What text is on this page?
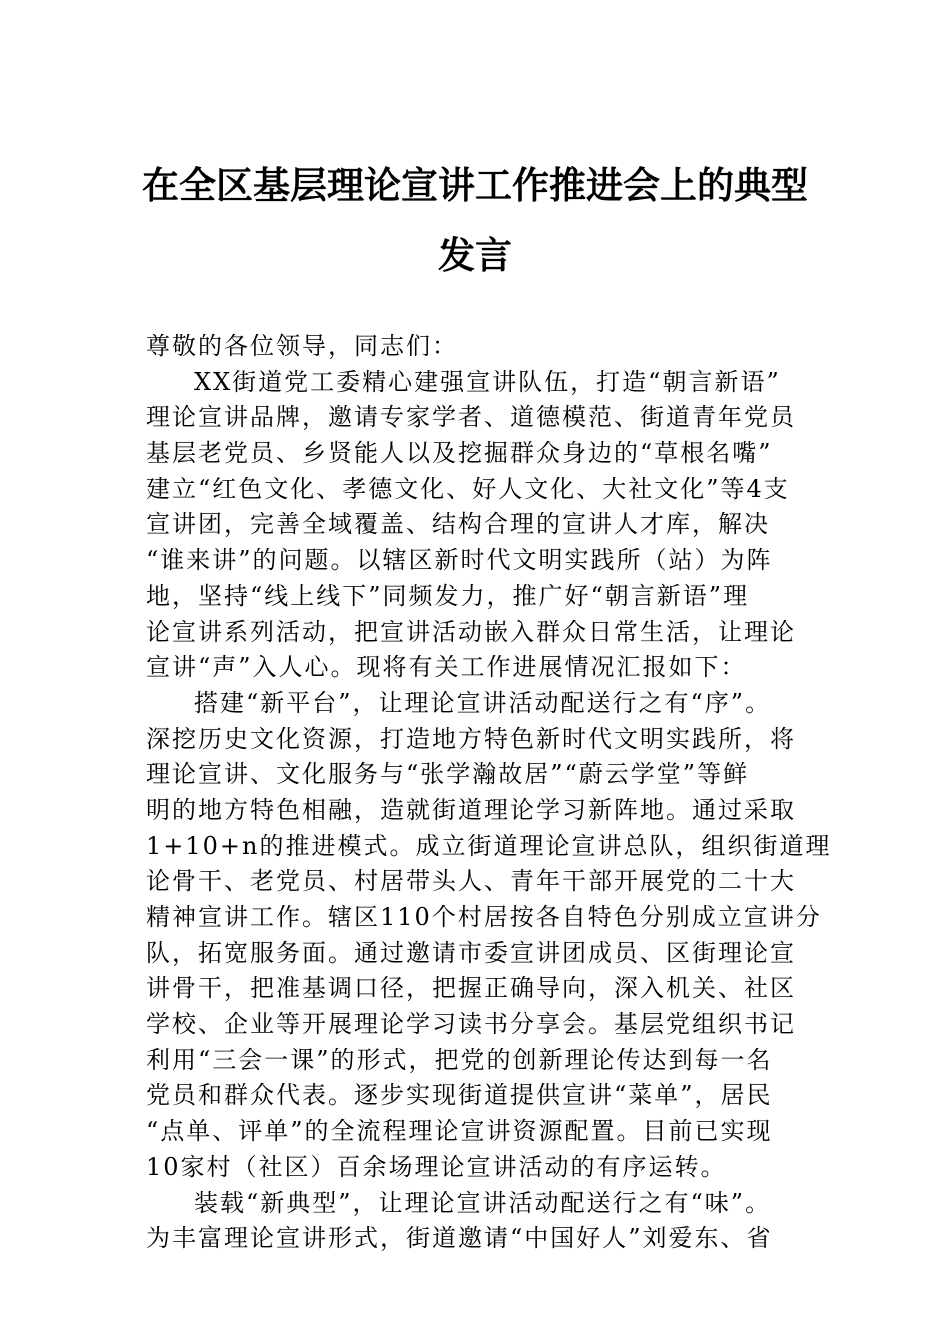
在全区基层理论宣讲工作推进会上的典型
发言
尊敬的各位领导，同志们：
XX街道党工委精心建强宣讲队伍，打造“朝言新语”
理论宣讲品牌，邀请专家学者、道德模范、街道青年党员
基层老党员、乡贤能人以及挖掘群众身边的“草根名嘴”
建立“红色文化、孝德文化、好人文化、大社文化”等4支
宣讲团，完善全域覆盖、结构合理的宣讲人才库，解决
“谁来讲”的问题。以辖区新时代文明实践所（站）为阵
地，坚持“线上线下”同频发力，推广好“朝言新语”理
论宣讲系列活动，把宣讲活动嵌入群众日常生活，让理论
宣讲“声”入人心。现将有关工作进展情况汇报如下：
搭建“新平台”，让理论宣讲活动配送行之有“序”。
深挖历史文化资源，打造地方特色新时代文明实践所，将
理论宣讲、文化服务与“张学瀚故居”“蔚云学堂”等鲜
明的地方特色相融，造就街道理论学习新阵地。通过采取
1+10+n的推进模式。成立街道理论宣讲总队，组织街道理
论骨干、老党员、村居带头人、青年干部开展党的二十大
精神宣讲工作。辖区110个村居按各自特色分别成立宣讲分
队，拓宽服务面。通过邀请市委宣讲团成员、区街理论宣
讲骨干，把准基调口径，把握正确导向，深入机关、社区
学校、企业等开展理论学习读书分享会。基层党组织书记
利用“三会一课”的形式，把党的创新理论传达到每一名
党员和群众代表。逐步实现街道提供宣讲“菜单”，居民
“点单、评单”的全流程理论宣讲资源配置。目前已实现
10家村（社区）百余场理论宣讲活动的有序运转。
装载“新典型”，让理论宣讲活动配送行之有“味”。
为丰富理论宣讲形式，街道邀请“中国好人”刘爱东、省
